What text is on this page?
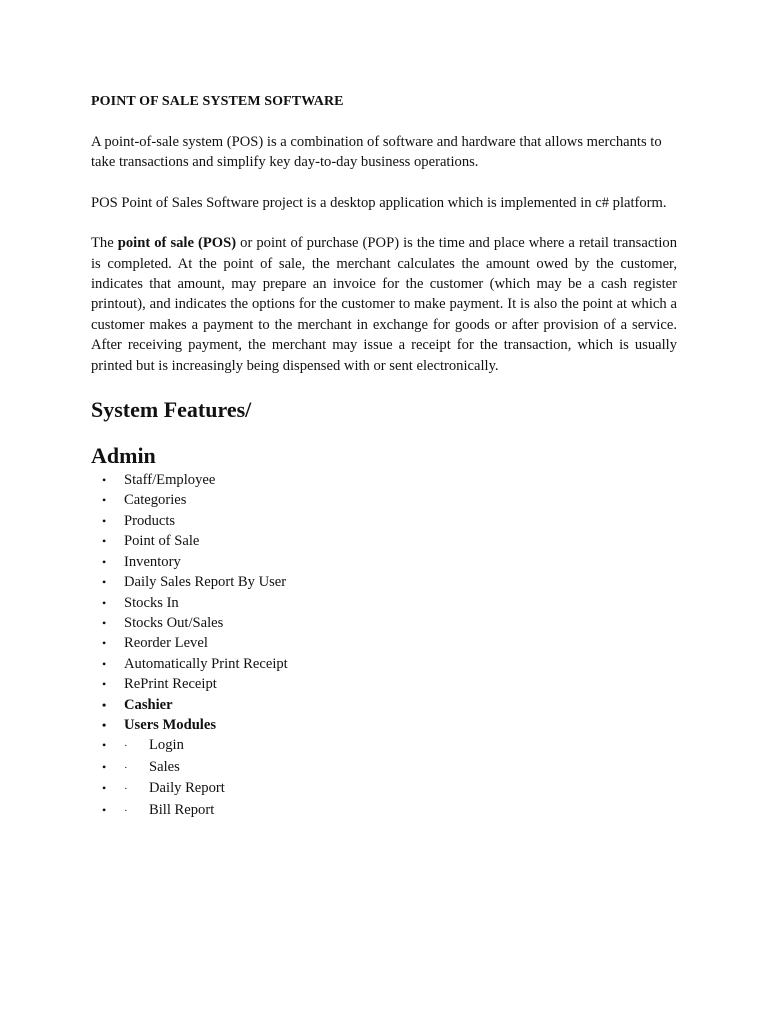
POINT OF SALE SYSTEM SOFTWARE

A point-of-sale system (POS) is a combination of software and hardware that allows merchants to take transactions and simplify key day-to-day business operations.

POS Point of Sales Software project is a desktop application which is implemented in c# platform.

The point of sale (POS) or point of purchase (POP) is the time and place where a retail transaction is completed. At the point of sale, the merchant calculates the amount owed by the customer, indicates that amount, may prepare an invoice for the customer (which may be a cash register printout), and indicates the options for the customer to make payment. It is also the point at which a customer makes a payment to the merchant in exchange for goods or after provision of a service. After receiving payment, the merchant may issue a receipt for the transaction, which is usually printed but is increasingly being dispensed with or sent electronically.

System Features/
Admin
• Staff/Employee
• Categories
• Products
• Point of Sale
• Inventory
• Daily Sales Report By User
• Stocks In
• Stocks Out/Sales
• Reorder Level
• Automatically Print Receipt
• RePrint Receipt
• Cashier
• Users Modules
• · Login
• · Sales
• · Daily Report
• · Bill Report
